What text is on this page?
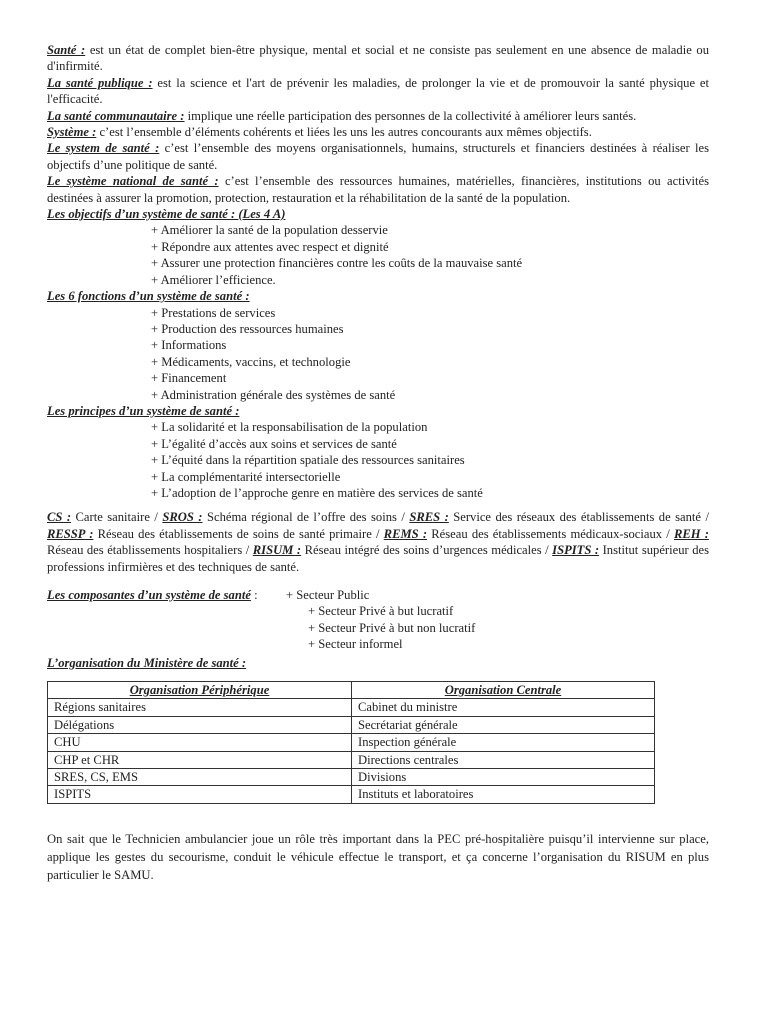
Santé : est un état de complet bien-être physique, mental et social et ne consiste pas seulement en une absence de maladie ou d'infirmité.

La santé publique : est la science et l'art de prévenir les maladies, de prolonger la vie et de promouvoir la santé physique et l'efficacité.

La santé communautaire : implique une réelle participation des personnes de la collectivité à améliorer leurs santés.

Système : c’est l’ensemble d’éléments cohérents et liées les uns les autres concourants aux mêmes objectifs.

Le system de santé : c’est l’ensemble des moyens organisationnels, humains, structurels et financiers destinées à réaliser les objectifs d’une politique de santé.

Le système national de santé : c’est l’ensemble des ressources humaines, matérielles, financières, institutions ou activités destinées à assurer la promotion, protection, restauration et la réhabilitation de la santé de la population.

Les objectifs d’un système de santé : (Les 4 A)

+ Améliorer la santé de la population desservie
+ Répondre aux attentes avec respect et dignité
+ Assurer une protection financières contre les coûts de la mauvaise santé
+ Améliorer l’efficience.

Les 6 fonctions d’un système de santé :

+ Prestations de services
+ Production des ressources humaines
+ Informations
+ Médicaments, vaccins, et technologie
+ Financement
+ Administration générale des systèmes de santé

Les principes d’un système de santé :

+ La solidarité et la responsabilisation de la population
+ L’égalité d’accès aux soins et services de santé
+ L’équité dans la répartition spatiale des ressources sanitaires
+ La complémentarité intersectorielle
+ L’adoption de l’approche genre en matière des services de santé

CS : Carte sanitaire / SROS : Schéma régional de l’offre des soins / SRES : Service des réseaux des établissements de santé / RESSP : Réseau des établissements de soins de santé primaire / REMS : Réseau des établissements médicaux-sociaux / REH : Réseau des établissements hospitaliers / RISUM : Réseau intégré des soins d’urgences médicales / ISPITS : Institut supérieur des professions infirmières et des techniques de santé.

Les composantes d’un système de santé :	+ Secteur Public
+ Secteur Privé à but lucratif
+ Secteur Privé à but non lucratif
+ Secteur informel

L’organisation du Ministère de santé :

Organisation Périphérique	Organisation Centrale
Régions sanitaires	Cabinet du ministre
Délégations	Secrétariat générale
CHU	Inspection générale
CHP et CHR	Directions centrales
SRES, CS, EMS	Divisions
ISPITS	Instituts et laboratoires

On sait que le Technicien ambulancier joue un rôle très important dans la PEC pré-hospitalière puisqu’il intervienne sur place, applique les gestes du secourisme, conduit le véhicule effectue le transport, et ça concerne l’organisation du RISUM en plus particulier le SAMU.
